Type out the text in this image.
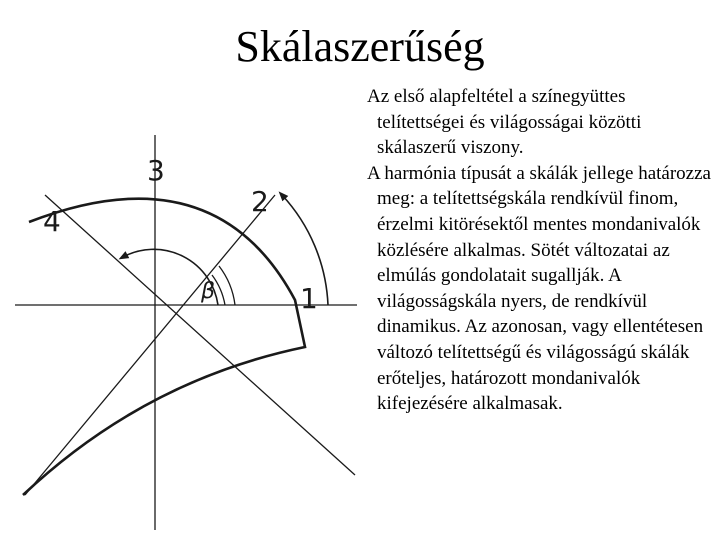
Skálaszerűség
1
2
3
4
β

Az első alapfeltétel a színegyüttes telítettségei és világosságai közötti skálaszerű viszony.

A harmónia típusát a skálák jellege határozza meg: a telítettségskála rendkívül finom, érzelmi kitörésektől mentes mondanivalók közlésére alkalmas. Sötét változatai az elmúlás gondolatait sugallják. A világosságskála nyers, de rendkívül dinamikus. Az azonosan, vagy ellentétesen változó telítettségű és világosságú skálák erőteljes, határozott mondanivalók kifejezésére alkalmasak.
